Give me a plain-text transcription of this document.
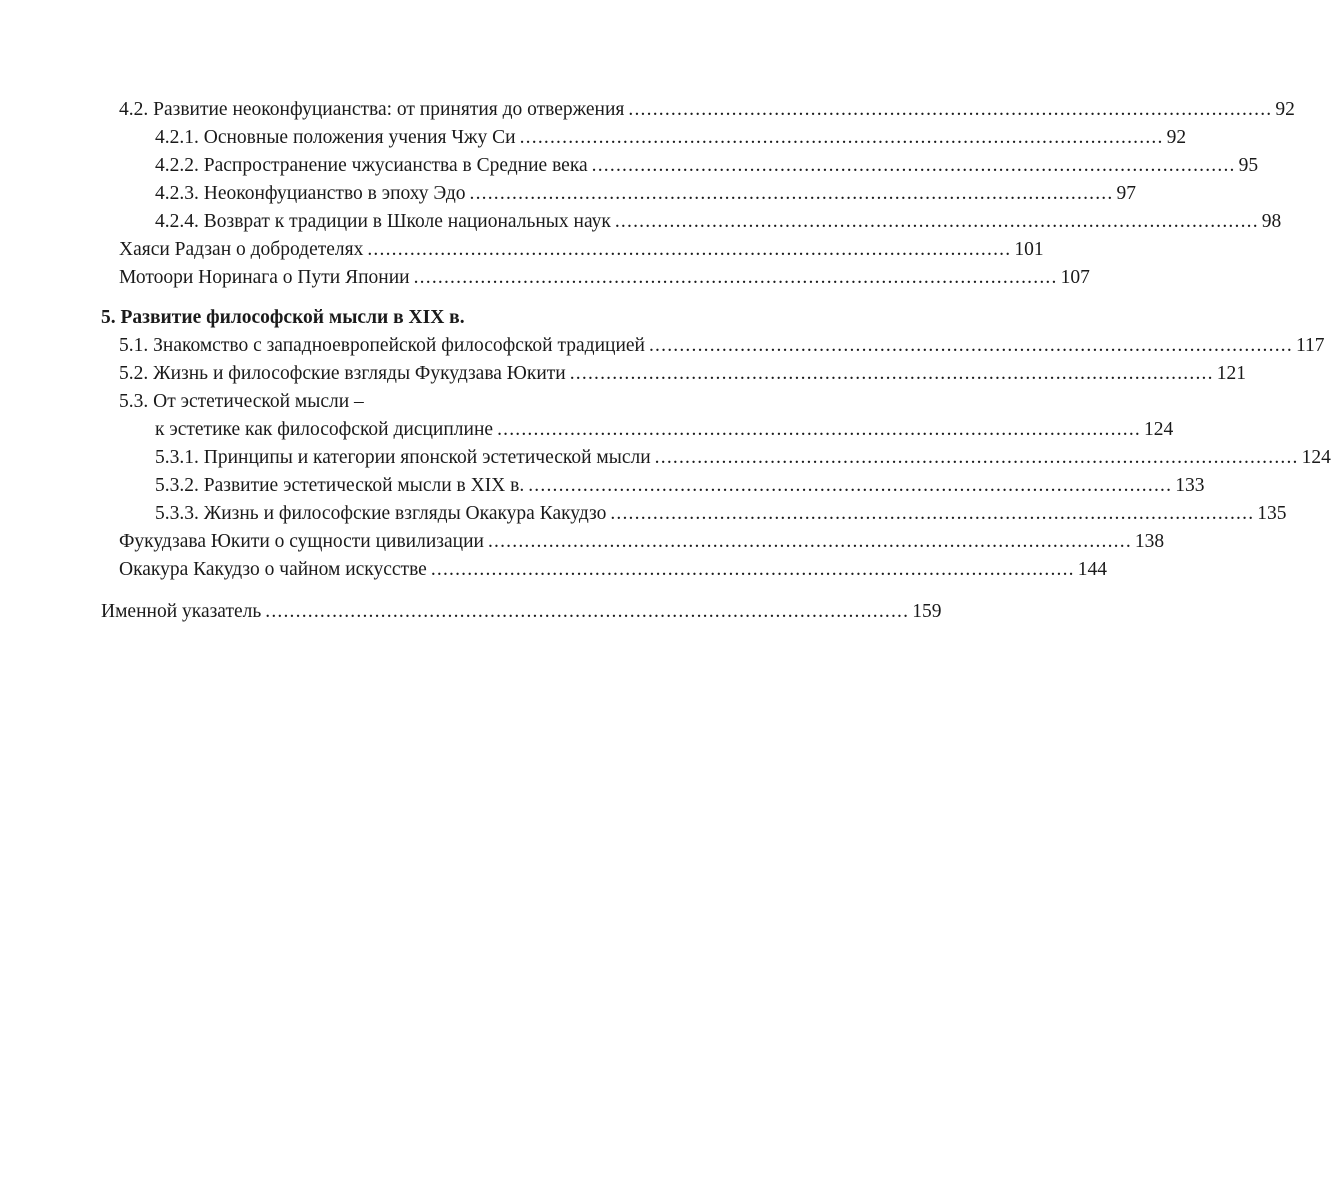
4.2. Развитие неоконфуцианства: от принятия до отвержения .......................................................................................................... 92
4.2.1. Основные положения учения Чжу Си .......................................................................................................... 92
4.2.2. Распространение чжусианства в Средние века .......................................................................................................... 95
4.2.3. Неоконфуцианство в эпоху Эдо .......................................................................................................... 97
4.2.4. Возврат к традиции в Школе национальных наук .......................................................................................................... 98
Хаяси Радзан о добродетелях .......................................................................................................... 101
Мотоори Норинага о Пути Японии .......................................................................................................... 107
5. Развитие философской мысли в XIX в.
5.1. Знакомство с западноевропейской философской традицией .......................................................................................................... 117
5.2. Жизнь и философские взгляды Фукудзава Юкити .......................................................................................................... 121
5.3. От эстетической мысли –
к эстетике как философской дисциплине .......................................................................................................... 124
5.3.1. Принципы и категории японской эстетической мысли .......................................................................................................... 124
5.3.2. Развитие эстетической мысли в XIX в. .......................................................................................................... 133
5.3.3. Жизнь и философские взгляды Окакура Какудзо .......................................................................................................... 135
Фукудзава Юкити о сущности цивилизации .......................................................................................................... 138
Окакура Какудзо о чайном искусстве .......................................................................................................... 144
Именной указатель .......................................................................................................... 159
